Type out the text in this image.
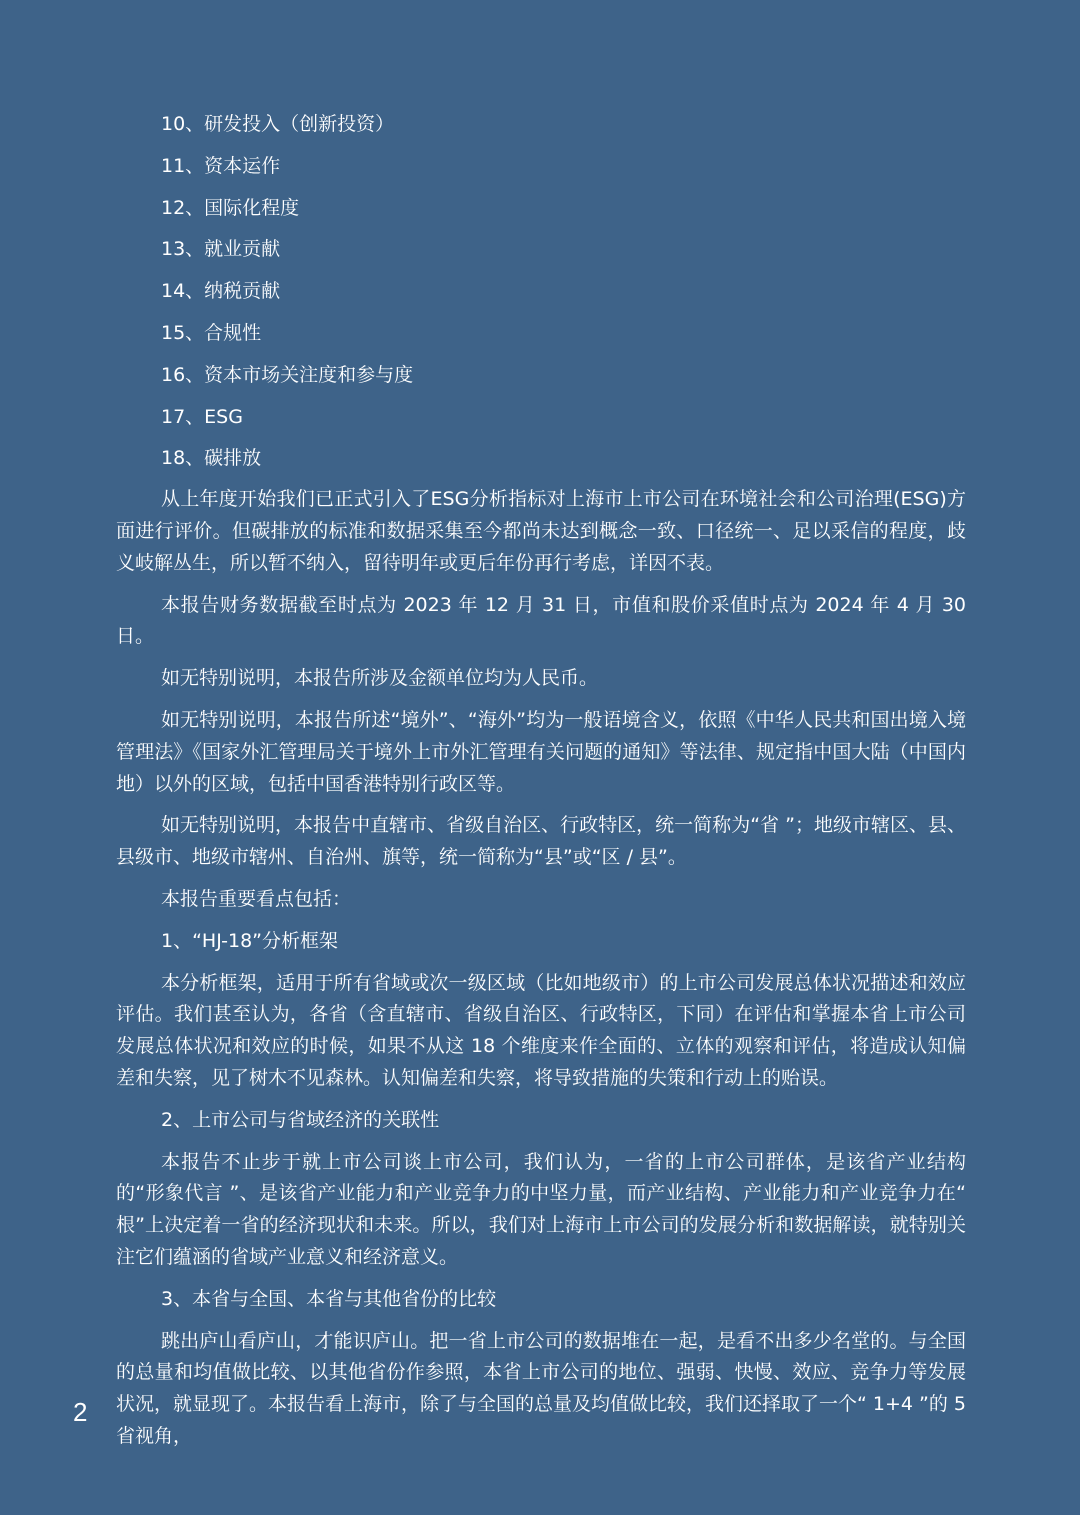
10、研发投入（创新投资）
11、资本运作
12、国际化程度
13、就业贡献
14、纳税贡献
15、合规性
16、资本市场关注度和参与度
17、ESG
18、碳排放

从上年度开始我们已正式引入了ESG分析指标对上海市上市公司在环境社会和公司治理(ESG)方面进行评价。但碳排放的标准和数据采集至今都尚未达到概念一致、口径统一、足以采信的程度，歧义岐解丛生，所以暂不纳入，留待明年或更后年份再行考虑，详因不表。

本报告财务数据截至时点为 2023 年 12 月 31 日，市值和股价采值时点为 2024 年 4 月 30 日。

如无特别说明，本报告所涉及金额单位均为人民币。

如无特别说明，本报告所述“境外”、“海外”均为一般语境含义，依照《中华人民共和国出境入境管理法》《国家外汇管理局关于境外上市外汇管理有关问题的通知》等法律、规定指中国大陆（中国内地）以外的区域，包括中国香港特别行政区等。

如无特别说明，本报告中直辖市、省级自治区、行政特区，统一简称为“省 ”；地级市辖区、县、县级市、地级市辖州、自治州、旗等，统一简称为“县”或“区 / 县”。

本报告重要看点包括：

1、“HJ-18”分析框架

本分析框架，适用于所有省域或次一级区域（比如地级市）的上市公司发展总体状况描述和效应评估。我们甚至认为，各省（含直辖市、省级自治区、行政特区，下同）在评估和掌握本省上市公司发展总体状况和效应的时候，如果不从这 18 个维度来作全面的、立体的观察和评估，将造成认知偏差和失察，见了树木不见森林。认知偏差和失察，将导致措施的失策和行动上的贻误。

2、上市公司与省域经济的关联性

本报告不止步于就上市公司谈上市公司，我们认为，一省的上市公司群体，是该省产业结构的“形象代言 ”、是该省产业能力和产业竞争力的中坚力量，而产业结构、产业能力和产业竞争力在“ 根”上决定着一省的经济现状和未来。所以，我们对上海市上市公司的发展分析和数据解读，就特别关注它们蕴涵的省域产业意义和经济意义。

3、本省与全国、本省与其他省份的比较

跳出庐山看庐山，才能识庐山。把一省上市公司的数据堆在一起，是看不出多少名堂的。与全国的总量和均值做比较、以其他省份作参照，本省上市公司的地位、强弱、快慢、效应、竞争力等发展状况，就显现了。本报告看上海市，除了与全国的总量及均值做比较，我们还择取了一个“ 1+4 ”的 5 省视角，

2
